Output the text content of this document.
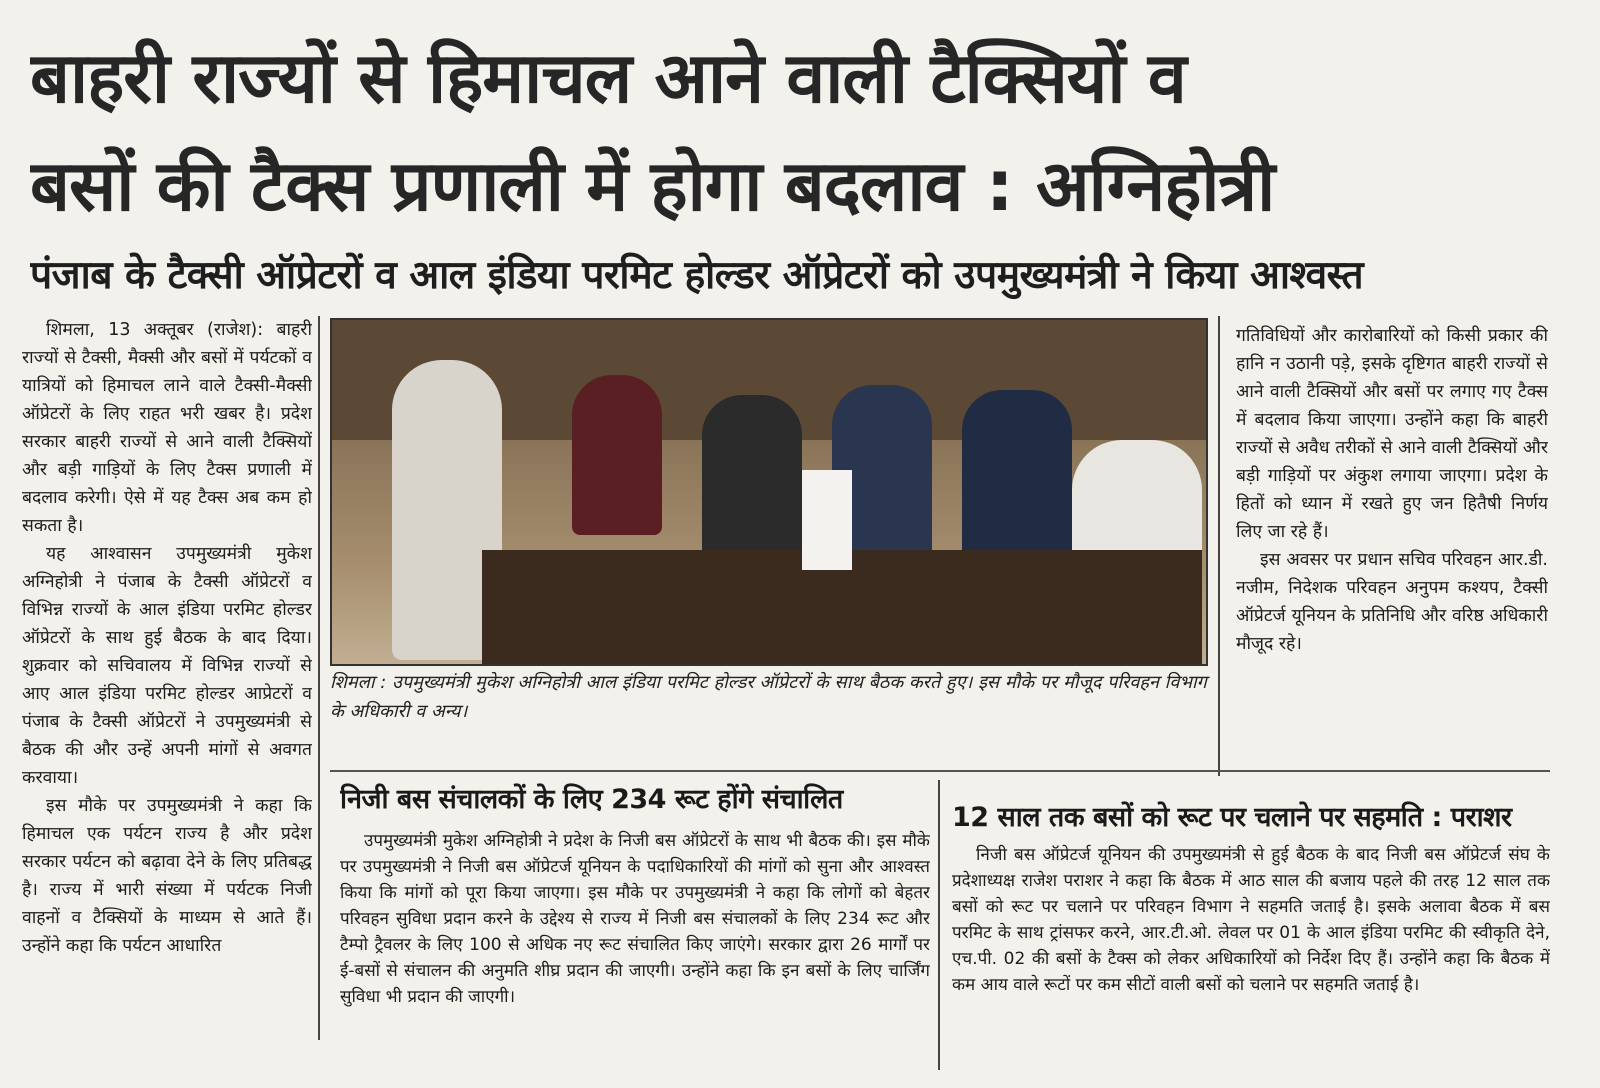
बाहरी राज्यों से हिमाचल आने वाली टैक्सियों व
बसों की टैक्स प्रणाली में होगा बदलाव : अग्निहोत्री
पंजाब के टैक्सी ऑप्रेटरों व आल इंडिया परमिट होल्डर ऑप्रेटरों को उपमुख्यमंत्री ने किया आश्वस्त

शिमला, 13 अक्तूबर (राजेश): बाहरी राज्यों से टैक्सी, मैक्सी और बसों में पर्यटकों व यात्रियों को हिमाचल लाने वाले टैक्सी-मैक्सी ऑप्रेटरों के लिए राहत भरी खबर है। प्रदेश सरकार बाहरी राज्यों से आने वाली टैक्सियों और बड़ी गाड़ियों के लिए टैक्स प्रणाली में बदलाव करेगी। ऐसे में यह टैक्स अब कम हो सकता है।

यह आश्वासन उपमुख्यमंत्री मुकेश अग्निहोत्री ने पंजाब के टैक्सी ऑप्रेटरों व विभिन्न राज्यों के आल इंडिया परमिट होल्डर ऑप्रेटरों के साथ हुई बैठक के बाद दिया। शुक्रवार को सचिवालय में विभिन्न राज्यों से आए आल इंडिया परमिट होल्डर आप्रेटरों व पंजाब के टैक्सी ऑप्रेटरों ने उपमुख्यमंत्री से बैठक की और उन्हें अपनी मांगों से अवगत करवाया।

इस मौके पर उपमुख्यमंत्री ने कहा कि हिमाचल एक पर्यटन राज्य है और प्रदेश सरकार पर्यटन को बढ़ावा देने के लिए प्रतिबद्ध है। राज्य में भारी संख्या में पर्यटक निजी वाहनों व टैक्सियों के माध्यम से आते हैं। उन्होंने कहा कि पर्यटन आधारित

शिमला : उपमुख्यमंत्री मुकेश अग्निहोत्री आल इंडिया परमिट होल्डर ऑप्रेटरों के साथ बैठक करते हुए। इस मौके पर मौजूद परिवहन विभाग के अधिकारी व अन्य।

गतिविधियों और कारोबारियों को किसी प्रकार की हानि न उठानी पड़े, इसके दृष्टिगत बाहरी राज्यों से आने वाली टैक्सियों और बसों पर लगाए गए टैक्स में बदलाव किया जाएगा। उन्होंने कहा कि बाहरी राज्यों से अवैध तरीकों से आने वाली टैक्सियों और बड़ी गाड़ियों पर अंकुश लगाया जाएगा। प्रदेश के हितों को ध्यान में रखते हुए जन हितैषी निर्णय लिए जा रहे हैं।

इस अवसर पर प्रधान सचिव परिवहन आर.डी. नजीम, निदेशक परिवहन अनुपम कश्यप, टैक्सी ऑप्रेटर्ज यूनियन के प्रतिनिधि और वरिष्ठ अधिकारी मौजूद रहे।

निजी बस संचालकों के लिए 234 रूट होंगे संचालित

उपमुख्यमंत्री मुकेश अग्निहोत्री ने प्रदेश के निजी बस ऑप्रेटरों के साथ भी बैठक की। इस मौके पर उपमुख्यमंत्री ने निजी बस ऑप्रेटर्ज यूनियन के पदाधिकारियों की मांगों को सुना और आश्वस्त किया कि मांगों को पूरा किया जाएगा। इस मौके पर उपमुख्यमंत्री ने कहा कि लोगों को बेहतर परिवहन सुविधा प्रदान करने के उद्देश्य से राज्य में निजी बस संचालकों के लिए 234 रूट और टैम्पो ट्रैवलर के लिए 100 से अधिक नए रूट संचालित किए जाएंगे। सरकार द्वारा 26 मार्गों पर ई-बसों से संचालन की अनुमति शीघ्र प्रदान की जाएगी। उन्होंने कहा कि इन बसों के लिए चार्जिंग सुविधा भी प्रदान की जाएगी।

12 साल तक बसों को रूट पर चलाने पर सहमति : पराशर

निजी बस ऑप्रेटर्ज यूनियन की उपमुख्यमंत्री से हुई बैठक के बाद निजी बस ऑप्रेटर्ज संघ के प्रदेशाध्यक्ष राजेश पराशर ने कहा कि बैठक में आठ साल की बजाय पहले की तरह 12 साल तक बसों को रूट पर चलाने पर परिवहन विभाग ने सहमति जताई है। इसके अलावा बैठक में बस परमिट के साथ ट्रांसफर करने, आर.टी.ओ. लेवल पर 01 के आल इंडिया परमिट की स्वीकृति देने, एच.पी. 02 की बसों के टैक्स को लेकर अधिकारियों को निर्देश दिए हैं। उन्होंने कहा कि बैठक में कम आय वाले रूटों पर कम सीटों वाली बसों को चलाने पर सहमति जताई है।
